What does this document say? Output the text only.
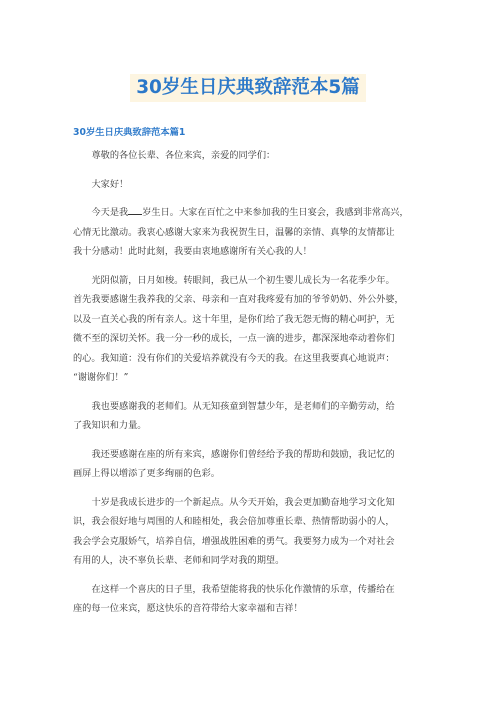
30岁生日庆典致辞范本5篇
30岁生日庆典致辞范本篇1

尊敬的各位长辈、各位来宾，亲爱的同学们：

大家好！

今天是我 岁生日。大家在百忙之中来参加我的生日宴会，我感到非常高兴，
心情无比激动。我衷心感谢大家来为我祝贺生日，温馨的亲情、真挚的友情都让
我十分感动！此时此刻，我要由衷地感谢所有关心我的人！

光阴似箭，日月如梭。转眼间，我已从一个初生婴儿成长为一名花季少年。
首先我要感谢生我养我的父亲、母亲和一直对我疼爱有加的爷爷奶奶、外公外婆，
以及一直关心我的所有亲人。这十年里，是你们给了我无怨无悔的精心呵护，无
微不至的深切关怀。我一分一秒的成长，一点一滴的进步，都深深地牵动着你们
的心。我知道：没有你们的关爱培养就没有今天的我。在这里我要真心地说声：
“谢谢你们！”

我也要感谢我的老师们。从无知孩童到智慧少年，是老师们的辛勤劳动，给
了我知识和力量。

我还要感谢在座的所有来宾，感谢你们曾经给予我的帮助和鼓励，我记忆的
画屏上得以增添了更多绚丽的色彩。

十岁是我成长进步的一个新起点。从今天开始，我会更加勤奋地学习文化知
识，我会很好地与周围的人和睦相处，我会倍加尊重长辈、热情帮助弱小的人，
我会学会克服娇气，培养自信，增强战胜困难的勇气。我要努力成为一个对社会
有用的人，决不辜负长辈、老师和同学对我的期望。

在这样一个喜庆的日子里，我希望能将我的快乐化作激情的乐章，传播给在
座的每一位来宾，愿这快乐的音符带给大家幸福和吉祥！
